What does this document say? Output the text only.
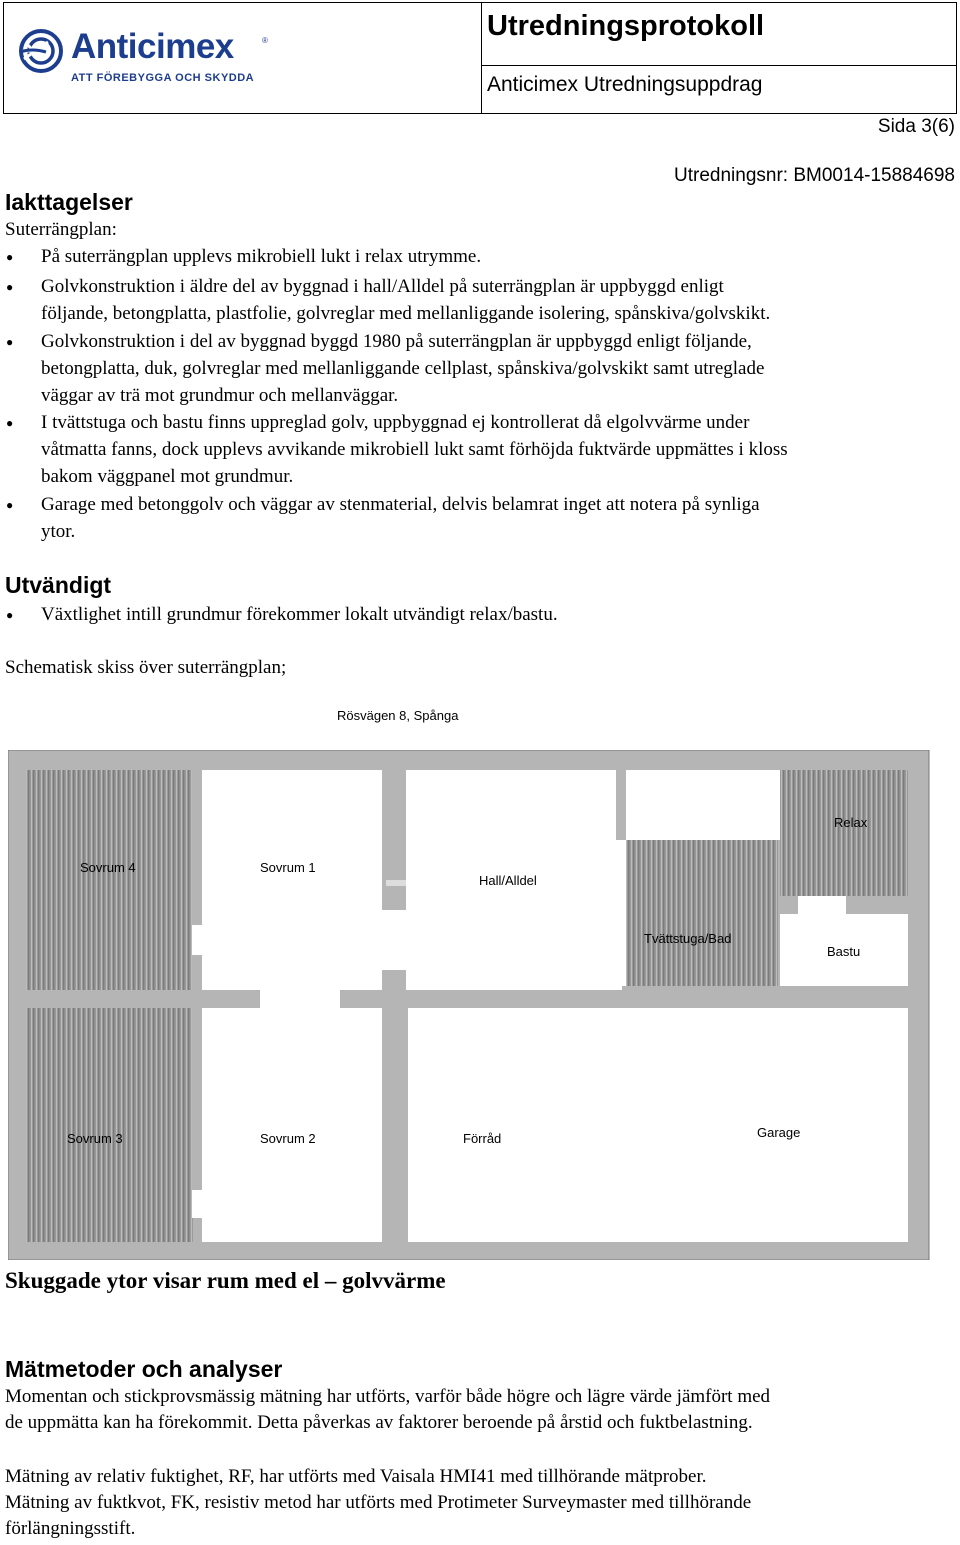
Anticimex	®
ATT FÖREBYGGA OCH SKYDDA
Utredningsprotokoll
Anticimex Utredningsuppdrag
Sida 3(6)
Utredningsnr: BM0014-15884698
Iakttagelser
Suterrängplan:
● På suterrängplan upplevs mikrobiell lukt i relax utrymme.
● Golvkonstruktion i äldre del av byggnad i hall/Alldel på suterrängplan är uppbyggd enligt
följande, betongplatta, plastfolie, golvreglar med mellanliggande isolering, spånskiva/golvskikt.
● Golvkonstruktion i del av byggnad byggd 1980 på suterrängplan är uppbyggd enligt följande,
betongplatta, duk, golvreglar med mellanliggande cellplast, spånskiva/golvskikt samt utreglade
väggar av trä mot grundmur och mellanväggar.
● I tvättstuga och bastu finns uppreglad golv, uppbyggnad ej kontrollerat då elgolvvärme under
våtmatta fanns, dock upplevs avvikande mikrobiell lukt samt förhöjda fuktvärde uppmättes i kloss
bakom väggpanel mot grundmur.
● Garage med betonggolv och väggar av stenmaterial, delvis belamrat inget att notera på synliga
ytor.
Utvändigt
● Växtlighet intill grundmur förekommer lokalt utvändigt relax/bastu.
Schematisk skiss över suterrängplan;
Rösvägen 8, Spånga
Sovrum 4	Sovrum 1
Hall/Alldel
Relax
Tvättstuga/Bad
Bastu
Sovrum 3	Sovrum 2	Förråd	Garage
Skuggade ytor visar rum med el – golvvärme
Mätmetoder och analyser
Momentan och stickprovsmässig mätning har utförts, varför både högre och lägre värde jämfört med
de uppmätta kan ha förekommit. Detta påverkas av faktorer beroende på årstid och fuktbelastning.
Mätning av relativ fuktighet, RF, har utförts med Vaisala HMI41 med tillhörande mätprober.
Mätning av fuktkvot, FK, resistiv metod har utförts med Protimeter Surveymaster med tillhörande
förlängningsstift.
